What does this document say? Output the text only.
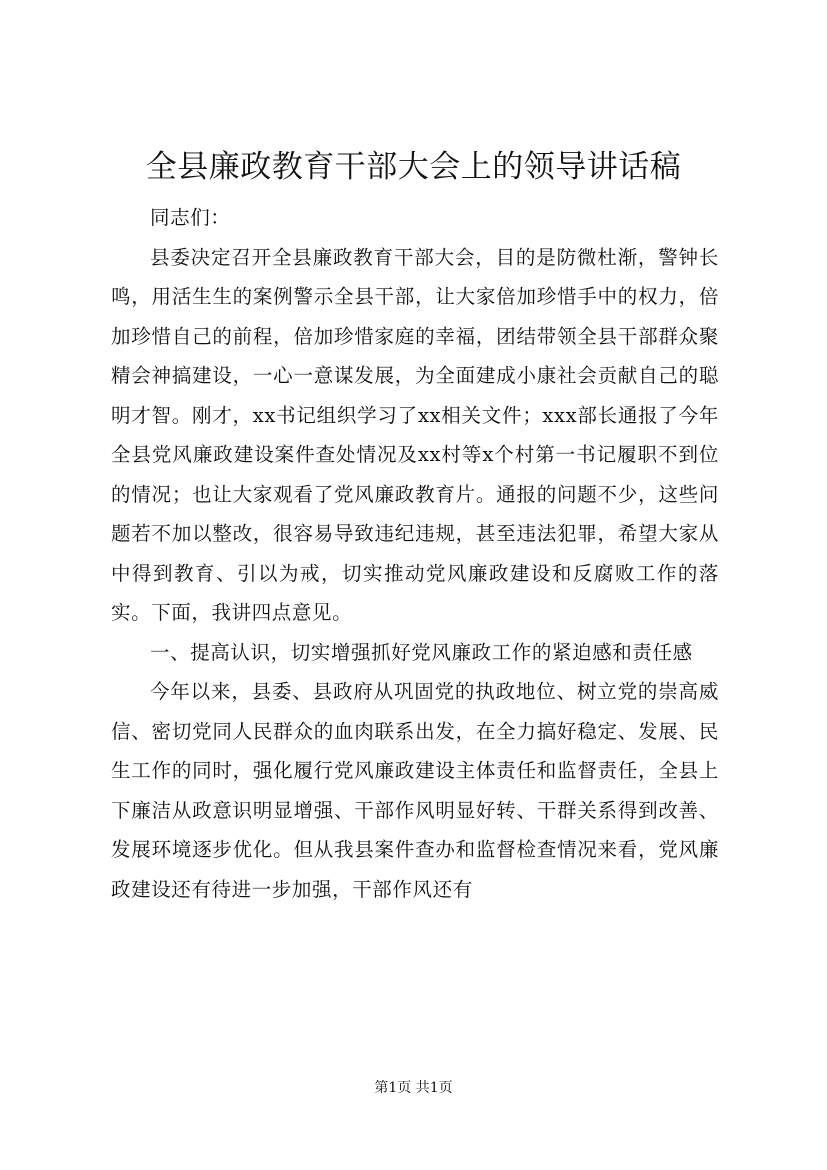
全县廉政教育干部大会上的领导讲话稿

同志们：

县委决定召开全县廉政教育干部大会，目的是防微杜渐，警钟长鸣，用活生生的案例警示全县干部，让大家倍加珍惜手中的权力，倍加珍惜自己的前程，倍加珍惜家庭的幸福，团结带领全县干部群众聚精会神搞建设，一心一意谋发展，为全面建成小康社会贡献自己的聪明才智。刚才，xx书记组织学习了xx相关文件；xxx部长通报了今年全县党风廉政建设案件查处情况及xx村等x个村第一书记履职不到位的情况；也让大家观看了党风廉政教育片。通报的问题不少，这些问题若不加以整改，很容易导致违纪违规，甚至违法犯罪，希望大家从中得到教育、引以为戒，切实推动党风廉政建设和反腐败工作的落实。下面，我讲四点意见。

一、提高认识，切实增强抓好党风廉政工作的紧迫感和责任感

今年以来，县委、县政府从巩固党的执政地位、树立党的崇高威信、密切党同人民群众的血肉联系出发，在全力搞好稳定、发展、民生工作的同时，强化履行党风廉政建设主体责任和监督责任，全县上下廉洁从政意识明显增强、干部作风明显好转、干群关系得到改善、发展环境逐步优化。但从我县案件查办和监督检查情况来看，党风廉政建设还有待进一步加强，干部作风还有

第1页 共1页
